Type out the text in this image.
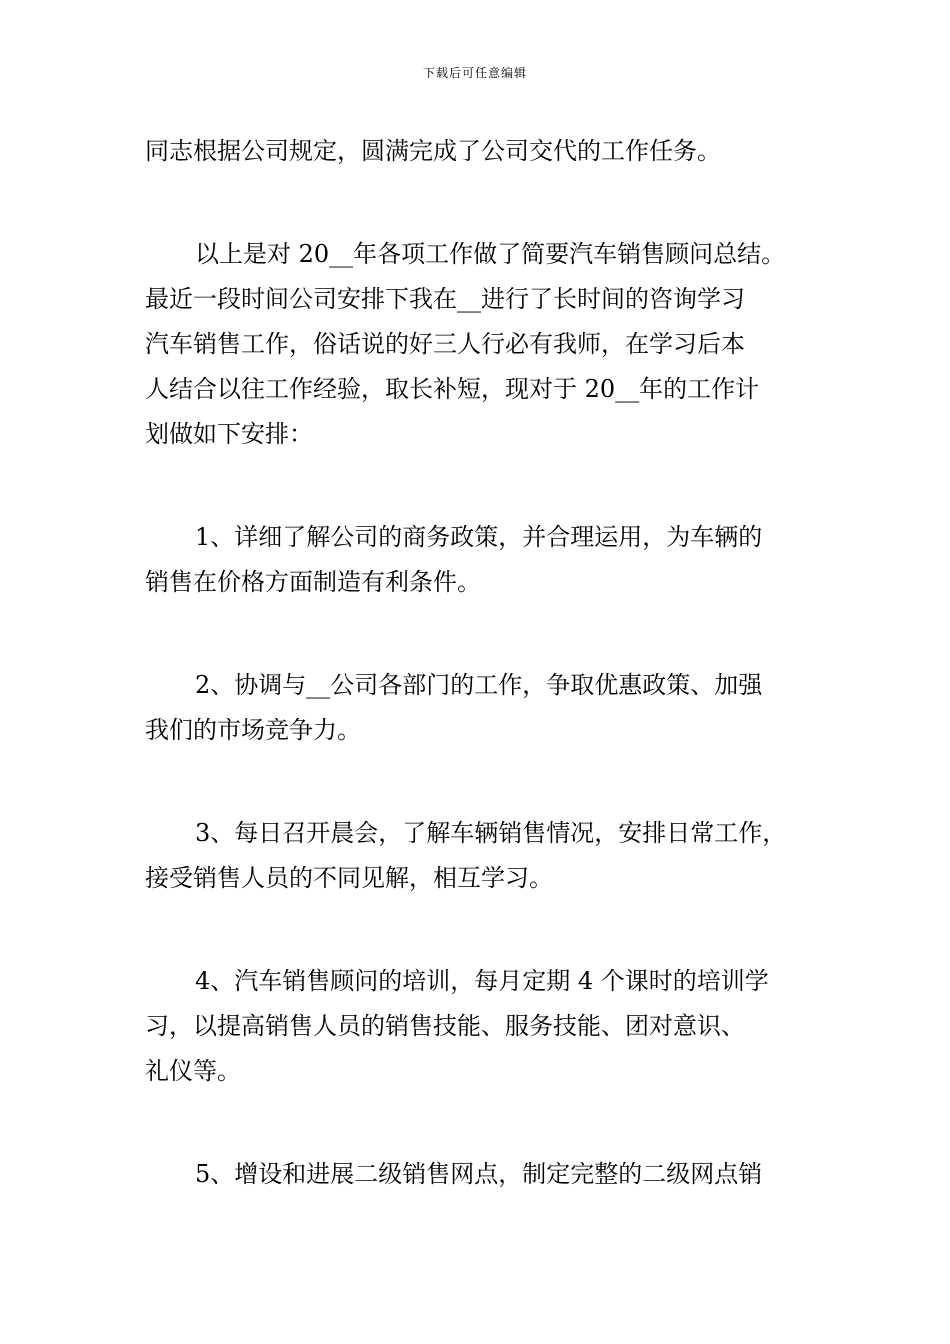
下载后可任意编辑
同志根据公司规定，圆满完成了公司交代的工作任务。
以上是对 20__年各项工作做了简要汽车销售顾问总结。
最近一段时间公司安排下我在__进行了长时间的咨询学习
汽车销售工作，俗话说的好三人行必有我师，在学习后本
人结合以往工作经验，取长补短，现对于 20__年的工作计
划做如下安排：
1、详细了解公司的商务政策，并合理运用，为车辆的
销售在价格方面制造有利条件。
2、协调与__公司各部门的工作，争取优惠政策、加强
我们的市场竞争力。
3、每日召开晨会，了解车辆销售情况，安排日常工作，
接受销售人员的不同见解，相互学习。
4、汽车销售顾问的培训，每月定期 4 个课时的培训学
习，以提高销售人员的销售技能、服务技能、团对意识、
礼仪等。
5、增设和进展二级销售网点，制定完整的二级网点销
